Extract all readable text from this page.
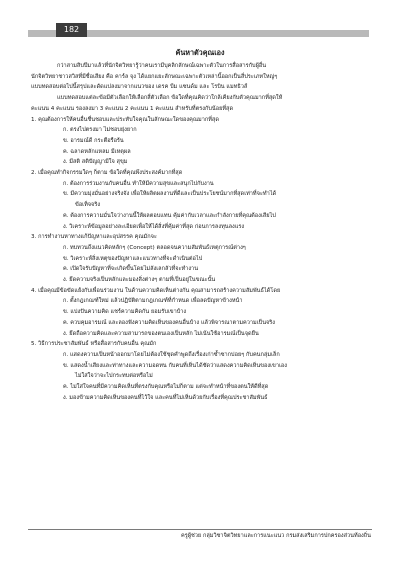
182
ค้นหาตัวคุณเอง
กว่าสามสิบปีมาแล้วที่นักจิตวิทยารู้ว่าคนเรามีบุคลิกลักษณ์เฉพาะตัวในการสื่อสารกับผู้อื่น
นักจิตวิทยาชาวสวิสที่มีชื่อเสียง คือ คาร์ล จุง ได้แยกแยะลักษณะเฉพาะตัวเหล่านี้ออกเป็นสี่ประเภทใหญ่ๆ
แบบทดสอบต่อไปนี้สรุปและดัดแปลงมาจากแนวของ เดรค บีม แซนด์ม และ โรบิน แมทธิวส์
แบบทดสอบแต่ละข้อมีตัวเลือกให้เลือกสี่ตัวเลือก ข้อใดที่คุณคิดว่าใกล้เคียงกับตัวคุณมากที่สุดให้
คะแนน 4 คะแนน รองลงมา 3 คะแนน 2 คะแนน 1 คะแนน สำหรับที่ตรงกับน้อยที่สุด
1. คุณต้องการให้คนอื่นชื่นชอบและประทับใจคุณในลักษณะใดของคุณมากที่สุด
ก. ตรงไปตรงมา ไม่ชอบยุ่งยาก
ข. อารมณ์ดี กระตือรือร้น
ค. ฉลาดหลักแหลม มีเหตุผล
ง. มีสติ สติปัญญามีใจ สุขุม
2. เมื่อคุณทำกิจกรรมใดๆ ก็ตาม ข้อใดที่คุณพึงประสงค์มากที่สุด
ก. ต้องการร่วมงานกับคนอื่น ทำให้มีความสุขและสนุกไปกับงาน
ข. มีความมุ่งมั่นอย่างจริงจัง เพื่อให้ผลิตผลงานที่ดีและเป็นประโยชน์มากที่สุดเท่าที่จะทำได้
ข้อเท็จจริง
ค. ต้องการความมั่นใจว่างานนี้ให้ผลตอบแทน คุ้มค่ากับเวลาและกำลังกายที่คุณต้องเสียไป
ง. วิเคราะห์ข้อมูลอย่างละเอียดเพื่อให้ได้สิ่งที่คุ้มค่าที่สุด ก่อนการลงทุนลงแรง
3. การทำงานหาทางแก้ปัญหาและอุปสรรค คุณมักจะ
ก. ทบทวนถึงแนวคิดหลักๆ (Concept) ตลอดจนความสัมพันธ์เหตุการณ์ต่างๆ
ข. วิเคราะห์สิ่งเหตุของปัญหาและแนวทางที่จะดำเนินต่อไป
ค. เปิดใจรับปัญหาที่จะเกิดขึ้นโดยไม่ลังเลกลัวที่จะทำงาน
ง. ยึดความจริงเป็นหลักและมองสิ่งต่างๆ ตามที่เป็นอยู่ในขณะนั้น
4. เมื่อคุณมีข้อขัดแย้งกับเพื่อนร่วมงาน ในด้านความคิดเห็นต่างกัน คุณสามารถสร้างความสัมพันธ์ได้โดย
ก. ตั้งกฎเกณฑ์ใหม่ แล้วปฏิบัติตามกฎเกณฑ์ที่กำหนด เพื่อลดปัญหาข้างหน้า
ข. แบ่งปันความคิด แชร์ความคิดกัน ยอมรับเขาบ้าง
ค. ควบคุมอารมณ์ และลองฟังความคิดเห็นของคนอื่นบ้าง แล้วพิจารณาตามความเป็นจริง
ง. ยึดถือความคิดและความสามารถของตนเองเป็นหลัก ไม่เน้นใช้อารมณ์เป็นจุดยืน
5. วิธีการประชาสัมพันธ์ หรือสื่อสารกับคนอื่น คุณมัก
ก. แสดงความเป็นหน้าออกมาโดยไม่ต้องใช้ชุดคำพูดถึงเรื่องเก่าซ้ำซากบ่อยๆ กับคนกลุ่มเล็ก
ข. แสดงน้ำเสียงและท่าทางและความอดทน กับคนที่เห็นได้ชัดว่าแสดงความคิดเห็นของเขาเอง
ไม่ใส่ใจว่าจะไปกระทบต่อหรือไม่
ค. ไม่ใส่ใจคนที่มีความคิดเห็นที่ตรงกับคุณหรือไม่ก็ตาม แต่จะทำหน้าที่ของตนให้ดีที่สุด
ง. มองข้ามความคิดเห็นของคนที่ไว้ใจ และคนที่ไม่เห็นด้วยกับเรื่องที่คุณประชาสัมพันธ์
ครูผู้ช่วย กลุ่มวิชาจิตวิทยาและการแนะแนว กรมส่งเสริมการปกครองส่วนท้องถิ่น
